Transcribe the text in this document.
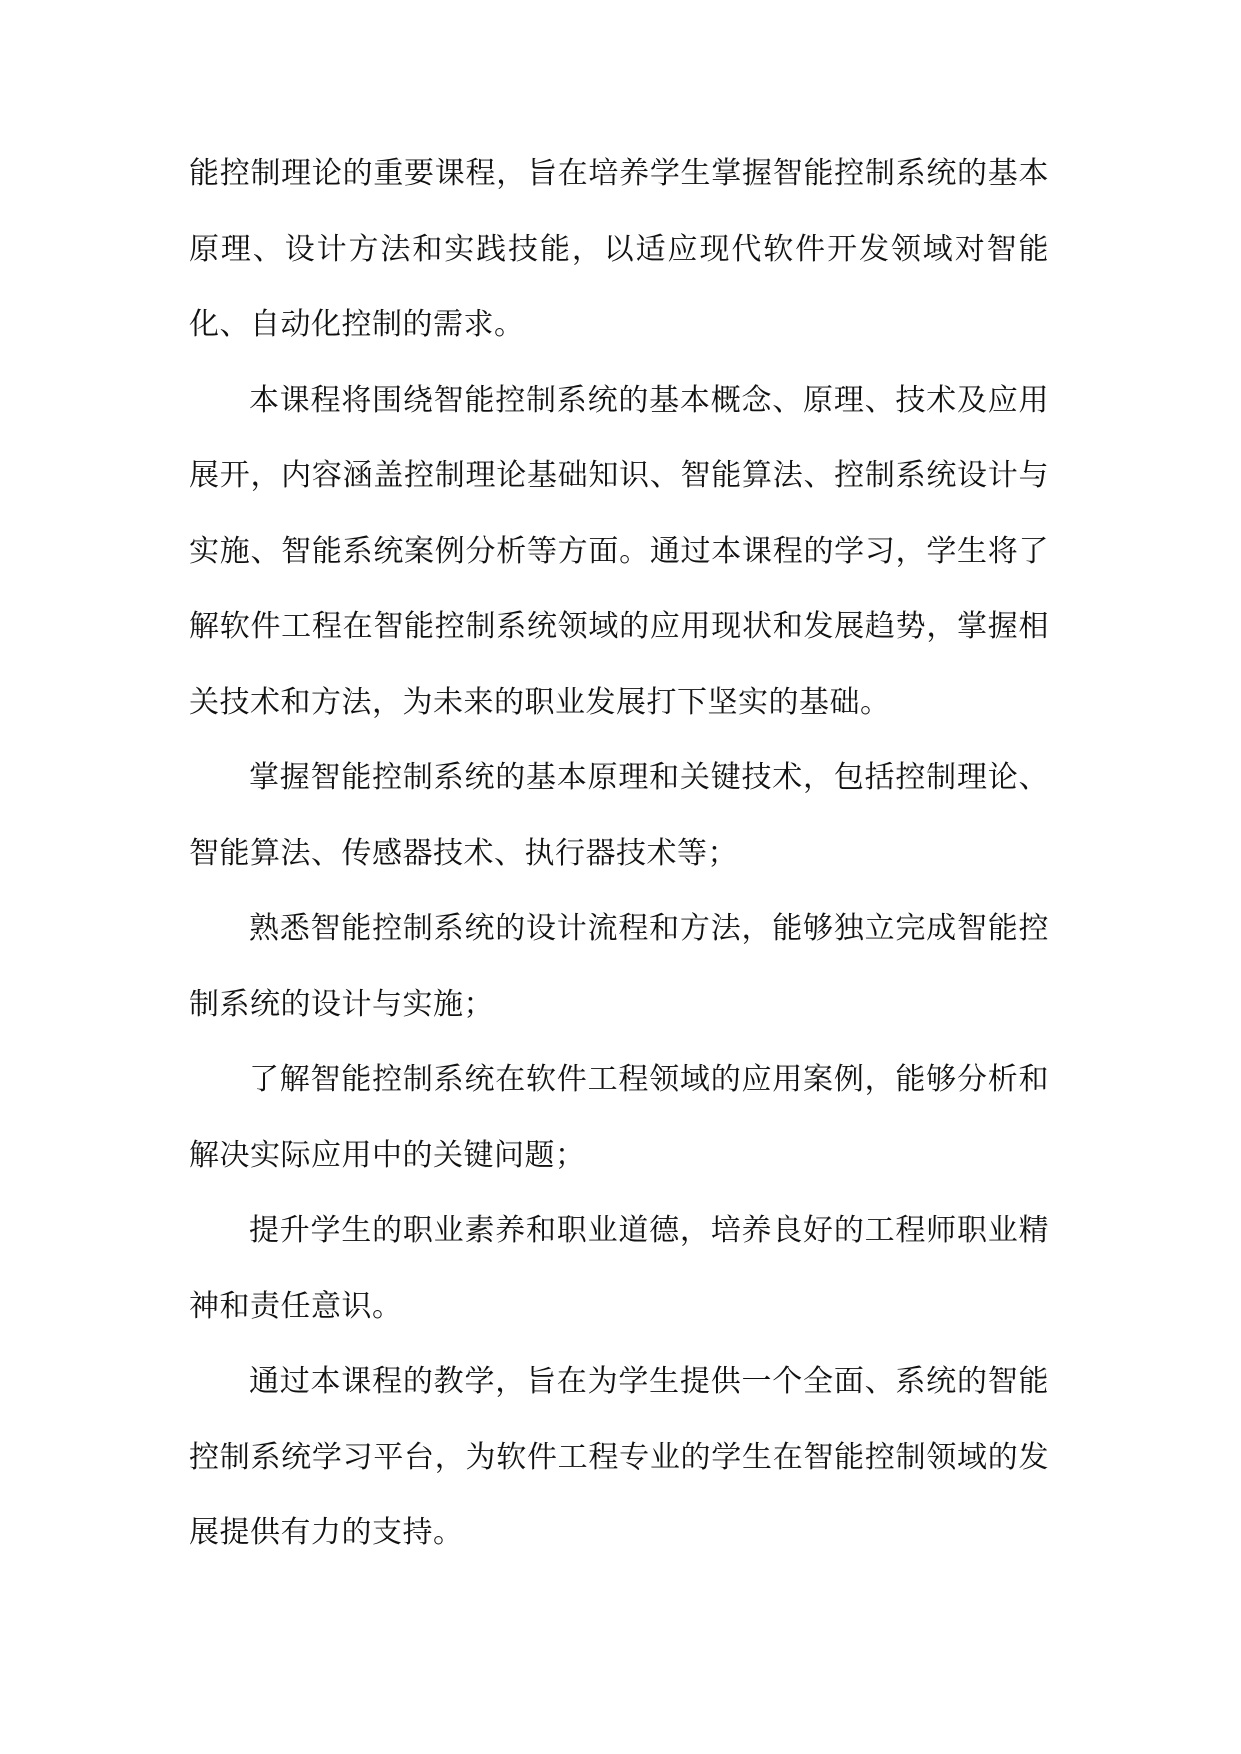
能控制理论的重要课程，旨在培养学生掌握智能控制系统的基本原理、设计方法和实践技能，以适应现代软件开发领域对智能化、自动化控制的需求。

本课程将围绕智能控制系统的基本概念、原理、技术及应用展开，内容涵盖控制理论基础知识、智能算法、控制系统设计与实施、智能系统案例分析等方面。通过本课程的学习，学生将了解软件工程在智能控制系统领域的应用现状和发展趋势，掌握相关技术和方法，为未来的职业发展打下坚实的基础。

掌握智能控制系统的基本原理和关键技术，包括控制理论、智能算法、传感器技术、执行器技术等；

熟悉智能控制系统的设计流程和方法，能够独立完成智能控制系统的设计与实施；

了解智能控制系统在软件工程领域的应用案例，能够分析和解决实际应用中的关键问题；

提升学生的职业素养和职业道德，培养良好的工程师职业精神和责任意识。

通过本课程的教学，旨在为学生提供一个全面、系统的智能控制系统学习平台，为软件工程专业的学生在智能控制领域的发展提供有力的支持。
